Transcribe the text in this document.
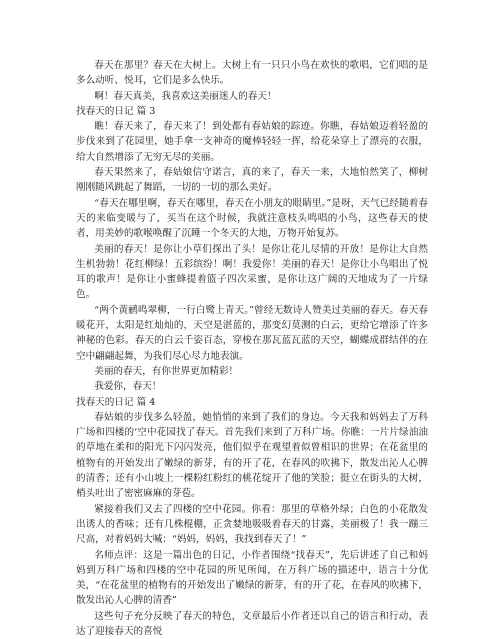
春天在那里？春天在大树上。大树上有一只只小鸟在欢快的歌唱，它们唱的是多么动听、悦耳，它们是多么快乐。

啊！春天真美，我喜欢这美丽迷人的春天！

找春天的日记 篇 3

瞧！春天来了，春天来了！到处都有春姑娘的踪迹。你瞧，春姑娘迈着轻盈的步伐来到了花园里，她手拿一支神奇的魔棒轻轻一挥，给花朵穿上了漂亮的衣服，给大自然增添了无穷无尽的美丽。

春天果然来了，春姑娘信守诺言，真的来了，春天一来，大地怕然笑了，柳树刚刚随风跳起了舞蹈，一切的一切的那么美好。

“春天在哪里啊，春天在哪里，春天在小朋友的眼睛里。”是呀，天气已经随着春天的来临变暖与了，买当在这个时候，我就注意枝头鸣唱的小鸟，这些春天的使者，用美妙的歌喉唤醒了沉睡一个冬天的大地，万物开始复苏。

美丽的春天！是你让小草们探出了头！是你让花儿尽情的开放！是你让大自然生机勃勃！花红柳绿！五彩缤纷！啊！我爱你！美丽的春天！是你让小鸟唱出了悦耳的歌声！是你让小蜜蜂提着篮子四次采蜜，是你让这广阔的天地成为了一片绿色。

“两个黄鹂鸣翠柳，一行白鹭上青天。”曾经无数诗人赞美过美丽的春天。春天春暖花开，太阳是红灿灿的，天空是湛蓝的，那变幻莫测的白云，更给它增添了许多神秘的色彩。春天的白云千姿百态，穿梭在那瓦蓝瓦蓝的天空，蝴蝶成群结伴的在空中翩翩起舞，为我们尽心尽力地表演。

美丽的春天，有你世界更加精彩！

我爱你，春天！

找春天的日记 篇 4

春姑娘的步伐多么轻盈，她悄悄的来到了我们的身边。今天我和妈妈去了万科广场和四楼的‘空中花园找了春天。首先我们来到了万科广场。你瞧：一片片绿油油的草地在柔和的阳光下闪闪发亮，他们似乎在观望着似曾相识的世界；在花盆里的植物有的开始发出了嫩绿的新芽，有的开了花，在春风的吹拂下，散发出沁人心脾的清香；还有小山坡上一棵粉红粉红的桃花绽开了他的笑脸；挺立在街头的大树，梢头吐出了密密麻麻的芽苞。

紧接着我们又去了四楼的空中花园。你看：那里的草格外绿；白色的小花散发出诱人的香味；还有几株棍棚，正贪婪地吸吸着春天的甘露，美丽极了！我一蹦三尺高，对着妈妈大喊：“妈妈，妈妈，我找到春天了！”

名师点评：这是一篇出色的日记，小作者围绕“找春天”，先后讲述了自己和妈妈到万科广场和四楼的空中花园的所见所闻，在万科广场的描述中，语言十分优美，“在花盆里的植物有的开始发出了嫩绿的新芽，有的开了花，在春风的吹拂下，散发出沁人心脾的清香”

这些句子充分反映了春天的特色，文章最后小作者还以自己的语言和行动，表达了迎接春天的喜悦
